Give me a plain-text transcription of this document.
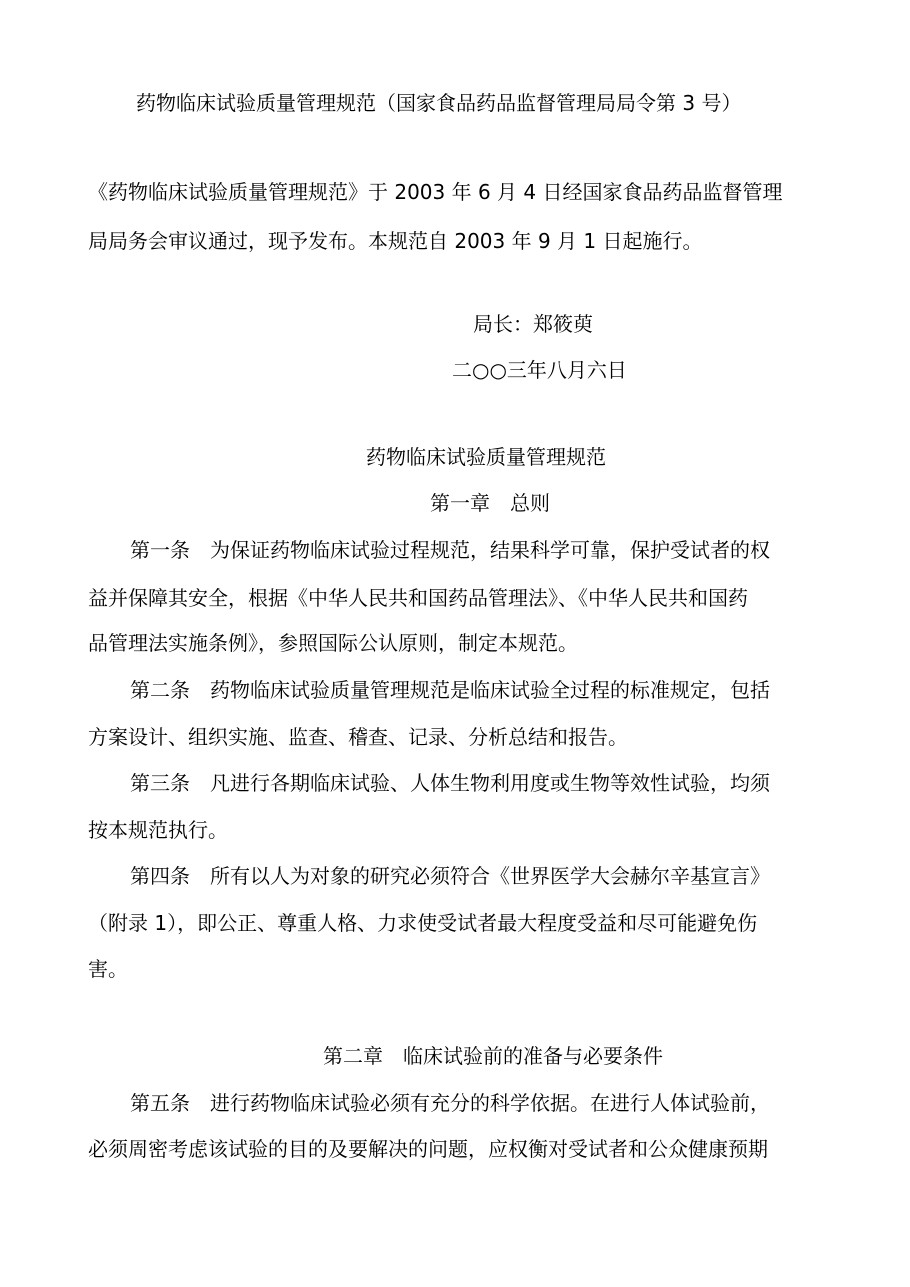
药物临床试验质量管理规范（国家食品药品监督管理局局令第 3 号）
《药物临床试验质量管理规范》于 2003 年 6 月 4 日经国家食品药品监督管理
局局务会审议通过，现予发布。本规范自 2003 年 9 月 1 日起施行。
局长：郑筱萸
二○○三年八月六日
药物临床试验质量管理规范
第一章 总则
第一条 为保证药物临床试验过程规范，结果科学可靠，保护受试者的权
益并保障其安全，根据《中华人民共和国药品管理法》、《中华人民共和国药
品管理法实施条例》，参照国际公认原则，制定本规范。
第二条 药物临床试验质量管理规范是临床试验全过程的标准规定，包括
方案设计、组织实施、监查、稽查、记录、分析总结和报告。
第三条 凡进行各期临床试验、人体生物利用度或生物等效性试验，均须
按本规范执行。
第四条 所有以人为对象的研究必须符合《世界医学大会赫尔辛基宣言》
（附录 1），即公正、尊重人格、力求使受试者最大程度受益和尽可能避免伤
害。
第二章 临床试验前的准备与必要条件
第五条 进行药物临床试验必须有充分的科学依据。在进行人体试验前，
必须周密考虑该试验的目的及要解决的问题，应权衡对受试者和公众健康预期
